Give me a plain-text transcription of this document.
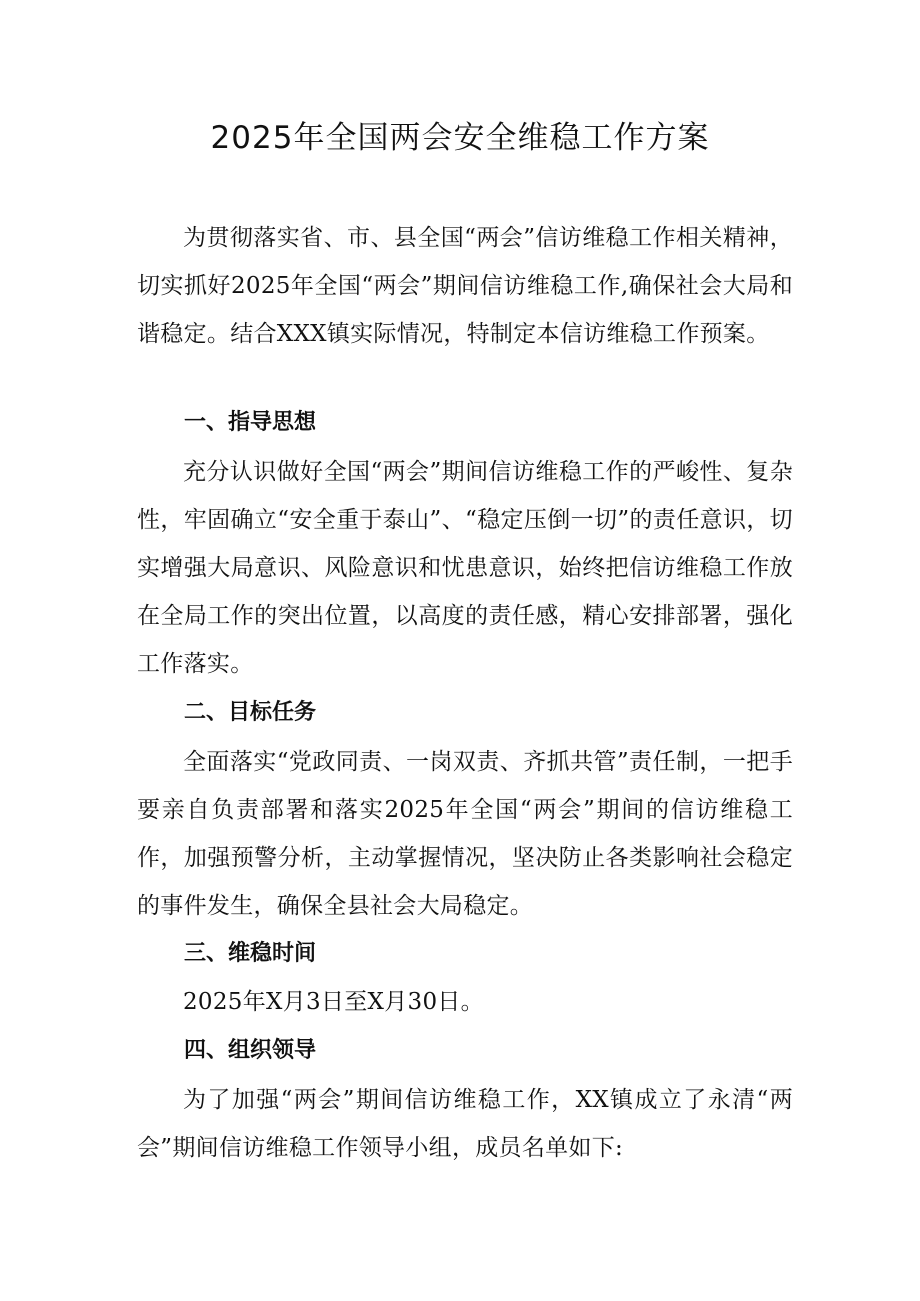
2025年全国两会安全维稳工作方案

为贯彻落实省、市、县全国“两会”信访维稳工作相关精神，切实抓好2025年全国“两会”期间信访维稳工作,确保社会大局和谐稳定。结合XXX镇实际情况，特制定本信访维稳工作预案。

一、指导思想

充分认识做好全国“两会”期间信访维稳工作的严峻性、复杂性，牢固确立“安全重于泰山”、“稳定压倒一切”的责任意识，切实增强大局意识、风险意识和忧患意识，始终把信访维稳工作放在全局工作的突出位置，以高度的责任感，精心安排部署，强化工作落实。

二、目标任务

全面落实“党政同责、一岗双责、齐抓共管”责任制，一把手要亲自负责部署和落实2025年全国“两会”期间的信访维稳工作，加强预警分析，主动掌握情况，坚决防止各类影响社会稳定的事件发生，确保全县社会大局稳定。

三、维稳时间

2025年X月3日至X月30日。

四、组织领导

为了加强“两会”期间信访维稳工作，XX镇成立了永清“两会”期间信访维稳工作领导小组，成员名单如下:
